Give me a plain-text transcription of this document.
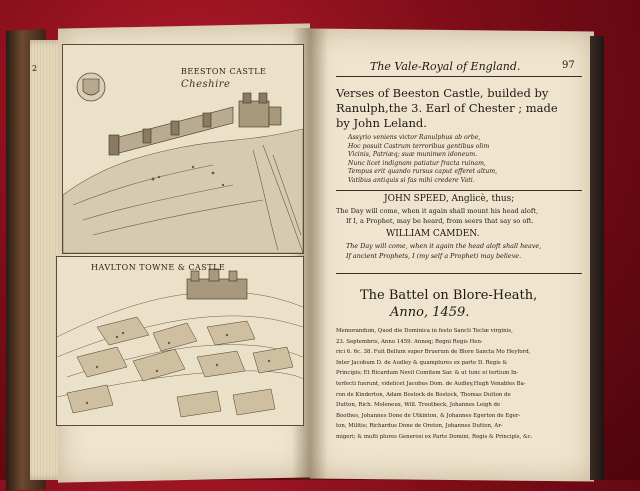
2	BEESTON CASTLE
Cheshire
HAVLTON TOWNE & CASTLE
The Vale-Royal of England.	97
Verses of Beeston Castle, builded by
Ranulph,the 3. Earl of Chester ; made
by John Leland.
Assyrio veniens victor Ranulphus ab orbe,
Hoc posuit Castrum terroribus gentibus olim
Vicinis, Patriæq; suæ munimen idoneum.
Nunc licet indignam patiatur fracta ruinam,
Tempus erit quando rursus caput efferet altum,
Vatibus antiquis si fas mihi credere Vati.
JOHN SPEED, Anglicè, thus;
The Day will come, when it again shall mount his head aloft,
If I, a Prophet, may be heard, from seers that say so oft.
WILLIAM CAMDEN.
The Day will come, when it again the head aloft shall heave,
If ancient Prophets, I (my self a Prophet) may believe.
The Battel on Blore-Heath,
Anno, 1459.
Memorandum, Quod die Dominica in festo Sancti Teclæ virginis,
23. Septembris, Anno 1459. Annoq; Regni Regis Hen-
rici 6. 6c. 38. Fuit Bellum super Bruerum de Blore Sancta Mo Heyford,
Inter Jacobum D. de Audley & quamplures ex parte D. Regis &
Principis; Et Ricardum Nevil Comitem Sar. & ut tunc ei tertium In-
terfecti fuerunt, videlicet Jacobus Dom. de Audley,Hugh Venables Ba-
ron de Kinderton, Adam Bostock de Bostock, Thomas Dutton de
Dutton, Rich. Moleneux, Will. Troutbeck, Johannes Leigh de
Boothes, Johannes Done de Utkinton, & Johannes Egerton de Eger-
ton, Militis; Richardus Done de Oreton, Johannes Dutton, Ar-
migeri; & multi plures Generosi ex Parte Domini, Regis & Principis, &c.
